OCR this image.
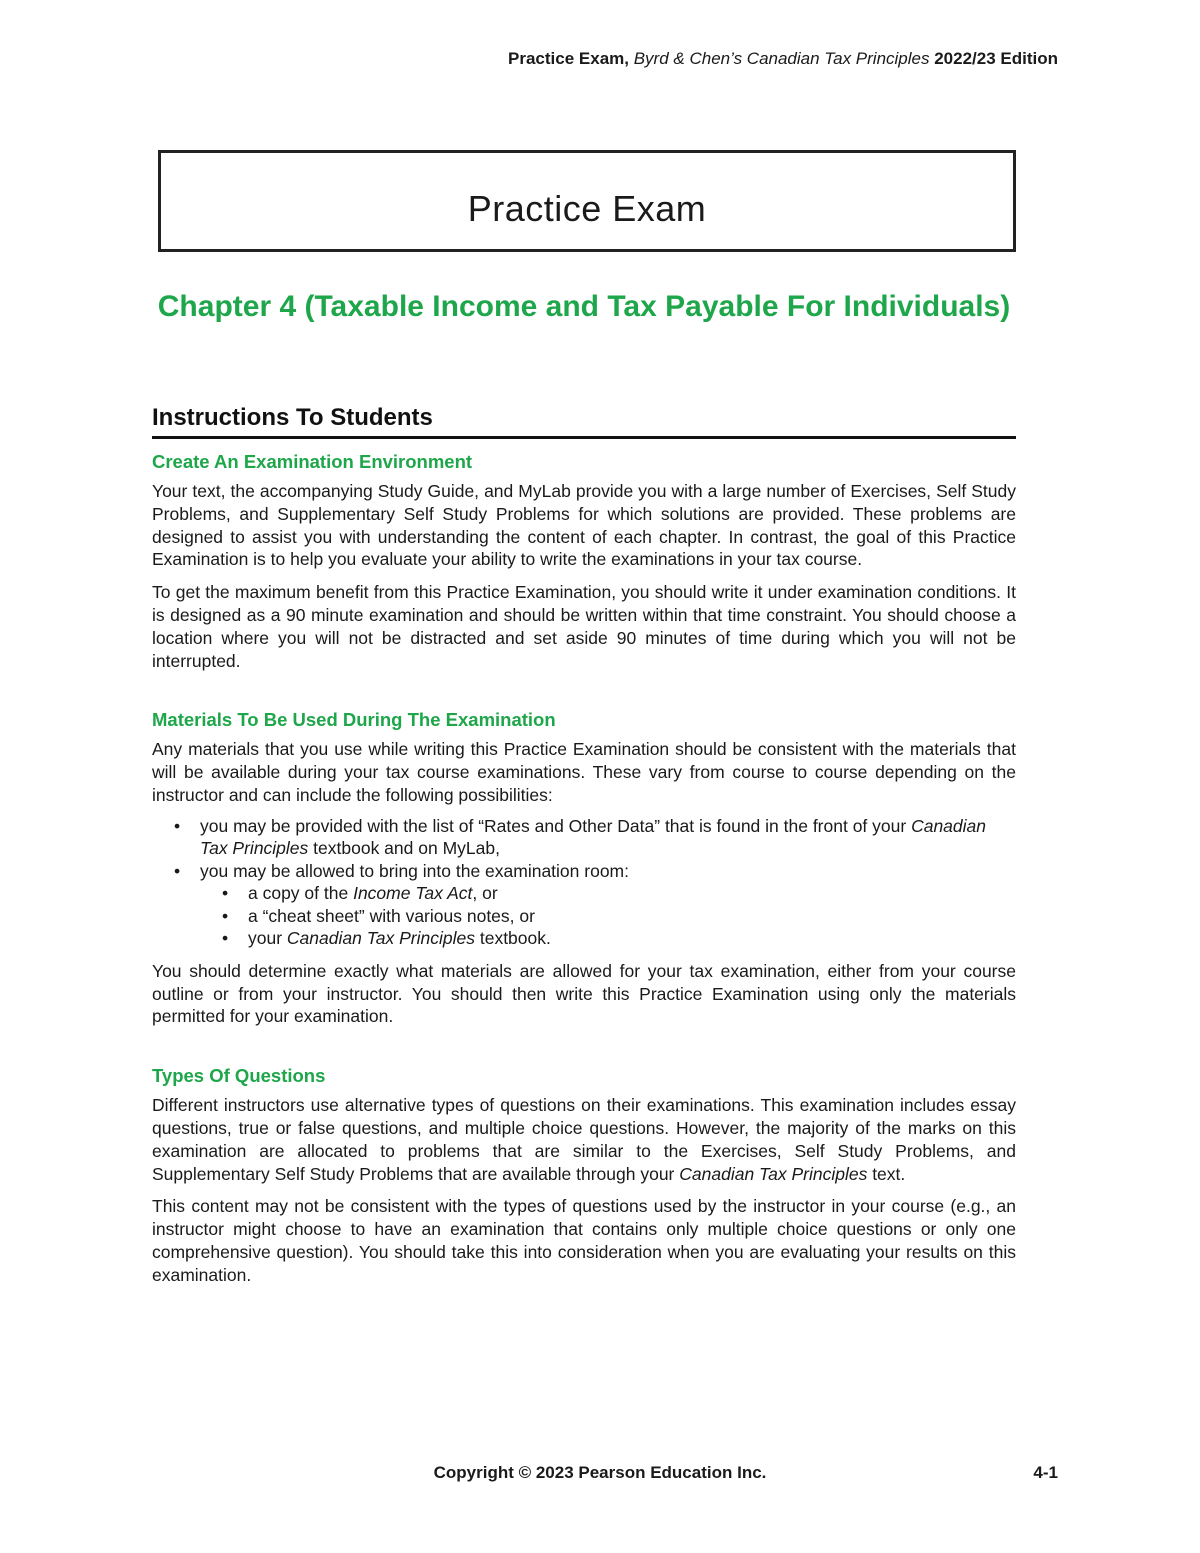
Practice Exam, Byrd & Chen’s Canadian Tax Principles 2022/23 Edition
Practice Exam
Chapter 4 (Taxable Income and Tax Payable For Individuals)
Instructions To Students
Create An Examination Environment

Your text, the accompanying Study Guide, and MyLab provide you with a large number of Exercises, Self Study Problems, and Supplementary Self Study Problems for which solutions are provided. These problems are designed to assist you with understanding the content of each chapter. In contrast, the goal of this Practice Examination is to help you evaluate your ability to write the examinations in your tax course.

To get the maximum benefit from this Practice Examination, you should write it under examination conditions. It is designed as a 90 minute examination and should be written within that time constraint. You should choose a location where you will not be distracted and set aside 90 minutes of time during which you will not be interrupted.

Materials To Be Used During The Examination

Any materials that you use while writing this Practice Examination should be consistent with the materials that will be available during your tax course examinations. These vary from course to course depending on the instructor and can include the following possibilities:

• you may be provided with the list of “Rates and Other Data” that is found in the front of your Canadian Tax Principles textbook and on MyLab,
• you may be allowed to bring into the examination room:
• a copy of the Income Tax Act, or
• a “cheat sheet” with various notes, or
• your Canadian Tax Principles textbook.

You should determine exactly what materials are allowed for your tax examination, either from your course outline or from your instructor. You should then write this Practice Examination using only the materials permitted for your examination.

Types Of Questions

Different instructors use alternative types of questions on their examinations. This examination includes essay questions, true or false questions, and multiple choice questions. However, the majority of the marks on this examination are allocated to problems that are similar to the Exercises, Self Study Problems, and Supplementary Self Study Problems that are available through your Canadian Tax Principles text.

This content may not be consistent with the types of questions used by the instructor in your course (e.g., an instructor might choose to have an examination that contains only multiple choice questions or only one comprehensive question). You should take this into consideration when you are evaluating your results on this examination.

Copyright © 2023 Pearson Education Inc.	4-1
